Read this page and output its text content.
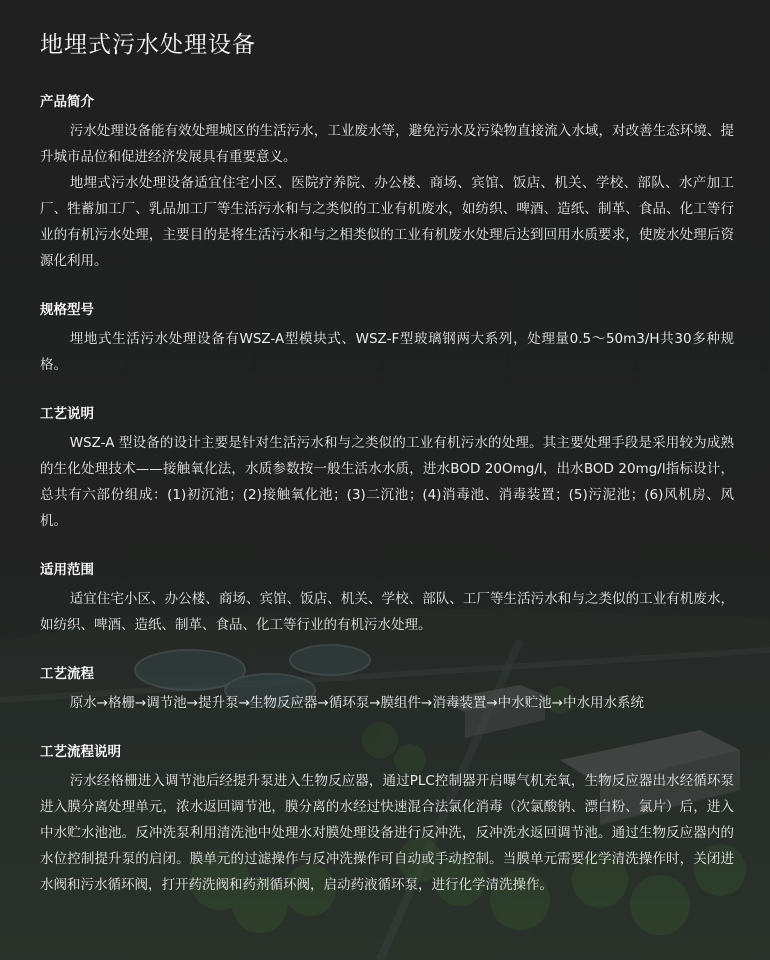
地埋式污水处理设备
产品简介

污水处理设备能有效处理城区的生活污水，工业废水等，避免污水及污染物直接流入水域，对改善生态环境、提升城市品位和促进经济发展具有重要意义。

地埋式污水处理设备适宜住宅小区、医院疗养院、办公楼、商场、宾馆、饭店、机关、学校、部队、水产加工厂、牲蓄加工厂、乳品加工厂等生活污水和与之类似的工业有机废水，如纺织、啤酒、造纸、制革、食品、化工等行业的有机污水处理，主要目的是将生活污水和与之相类似的工业有机废水处理后达到回用水质要求，使废水处理后资源化利用。

规格型号

埋地式生活污水处理设备有WSZ-A型模块式、WSZ-F型玻璃钢两大系列，处理量0.5～50m3/H共30多种规格。

工艺说明

WSZ-A 型设备的设计主要是针对生活污水和与之类似的工业有机污水的处理。其主要处理手段是采用较为成熟的生化处理技术——接触氧化法，水质参数按一般生活水水质，进水BOD 20Omg/l，出水BOD 20mg/l指标设计，总共有六部份组成：(1)初沉池；(2)接触氧化池；(3)二沉池；(4)消毒池、消毒装置；(5)污泥池；(6)风机房、风机。

适用范围

适宜住宅小区、办公楼、商场、宾馆、饭店、机关、学校、部队、工厂等生活污水和与之类似的工业有机废水，如纺织、啤酒、造纸、制革、食品、化工等行业的有机污水处理。

工艺流程

原水→格栅→调节池→提升泵→生物反应器→循环泵→膜组件→消毒装置→中水贮池→中水用水系统

工艺流程说明

污水经格栅进入调节池后经提升泵进入生物反应器，通过PLC控制器开启曝气机充氧，生物反应器出水经循环泵进入膜分离处理单元，浓水返回调节池，膜分离的水经过快速混合法氯化消毒（次氯酸钠、漂白粉、氯片）后，进入中水贮水池池。反冲洗泵利用清洗池中处理水对膜处理设备进行反冲洗，反冲洗水返回调节池。通过生物反应器内的水位控制提升泵的启闭。膜单元的过滤操作与反冲洗操作可自动或手动控制。当膜单元需要化学清洗操作时，关闭进水阀和污水循环阀，打开药洗阀和药剂循环阀，启动药液循环泵，进行化学清洗操作。
